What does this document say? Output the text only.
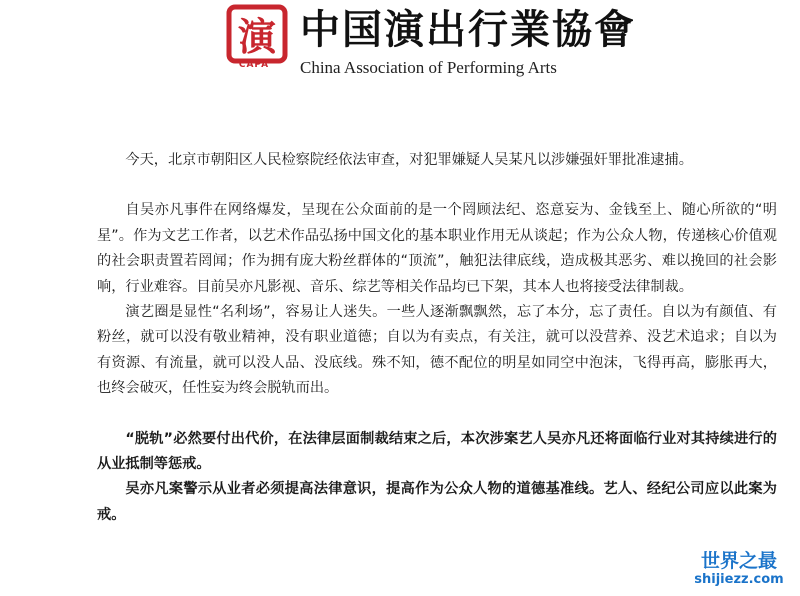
演
CAPA
中国演出行業協會
China Association of Performing Arts

今天，北京市朝阳区人民检察院经依法审查，对犯罪嫌疑人吴某凡以涉嫌强奸罪批准逮捕。

自吴亦凡事件在网络爆发，呈现在公众面前的是一个罔顾法纪、恣意妄为、金钱至上、随心所欲的“明星”。作为文艺工作者，以艺术作品弘扬中国文化的基本职业作用无从谈起；作为公众人物，传递核心价值观的社会职责置若罔闻；作为拥有庞大粉丝群体的“顶流”，触犯法律底线，造成极其恶劣、难以挽回的社会影响，行业难容。目前吴亦凡影视、音乐、综艺等相关作品均已下架，其本人也将接受法律制裁。

演艺圈是显性“名利场”，容易让人迷失。一些人逐渐飘飘然，忘了本分，忘了责任。自以为有颜值、有粉丝，就可以没有敬业精神，没有职业道德；自以为有卖点，有关注，就可以没营养、没艺术追求；自以为有资源、有流量，就可以没人品、没底线。殊不知，德不配位的明星如同空中泡沫，飞得再高，膨胀再大，也终会破灭，任性妄为终会脱轨而出。

“脱轨”必然要付出代价，在法律层面制裁结束之后，本次涉案艺人吴亦凡还将面临行业对其持续进行的从业抵制等惩戒。

吴亦凡案警示从业者必须提高法律意识，提高作为公众人物的道德基准线。艺人、经纪公司应以此案为戒。

世界之最
shijiezz.com
